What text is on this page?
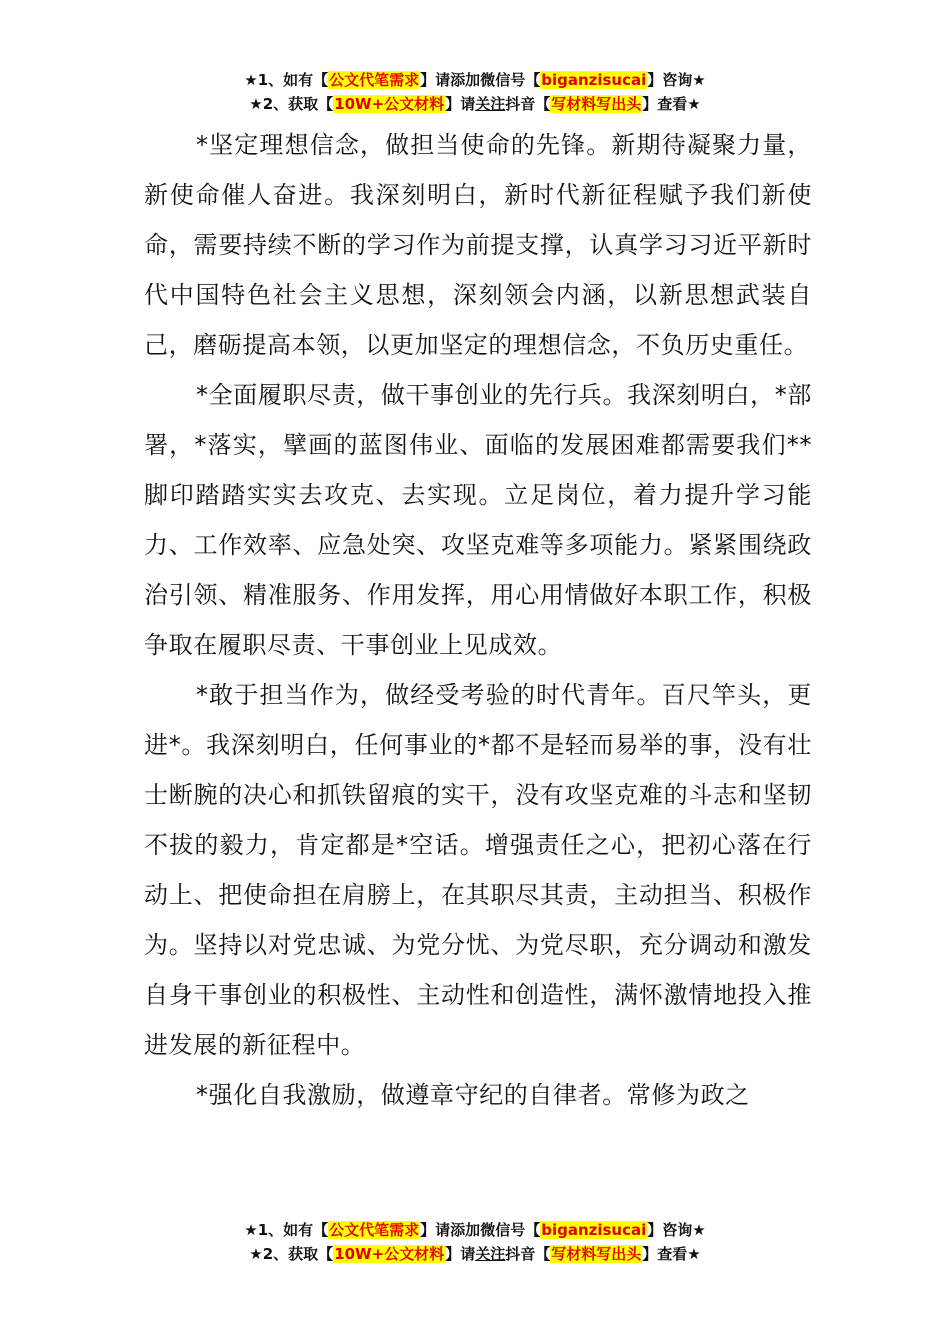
★1、如有【公文代笔需求】请添加微信号【biganzisucai】咨询★
★2、获取【10W+公文材料】请关注抖音【写材料写出头】查看★

*坚定理想信念，做担当使命的先锋。新期待凝聚力量，新使命催人奋进。我深刻明白，新时代新征程赋予我们新使命，需要持续不断的学习作为前提支撑，认真学习习近平新时代中国特色社会主义思想，深刻领会内涵，以新思想武装自己，磨砺提高本领，以更加坚定的理想信念，不负历史重任。

*全面履职尽责，做干事创业的先行兵。我深刻明白，*部署，*落实，擘画的蓝图伟业、面临的发展困难都需要我们**脚印踏踏实实去攻克、去实现。立足岗位，着力提升学习能力、工作效率、应急处突、攻坚克难等多项能力。紧紧围绕政治引领、精准服务、作用发挥，用心用情做好本职工作，积极争取在履职尽责、干事创业上见成效。

*敢于担当作为，做经受考验的时代青年。百尺竿头，更进*。我深刻明白，任何事业的*都不是轻而易举的事，没有壮士断腕的决心和抓铁留痕的实干，没有攻坚克难的斗志和坚韧不拔的毅力，肯定都是*空话。增强责任之心，把初心落在行动上、把使命担在肩膀上，在其职尽其责，主动担当、积极作为。坚持以对党忠诚、为党分忧、为党尽职，充分调动和激发自身干事创业的积极性、主动性和创造性，满怀激情地投入推进发展的新征程中。

*强化自我激励，做遵章守纪的自律者。常修为政之

★1、如有【公文代笔需求】请添加微信号【biganzisucai】咨询★
★2、获取【10W+公文材料】请关注抖音【写材料写出头】查看★
